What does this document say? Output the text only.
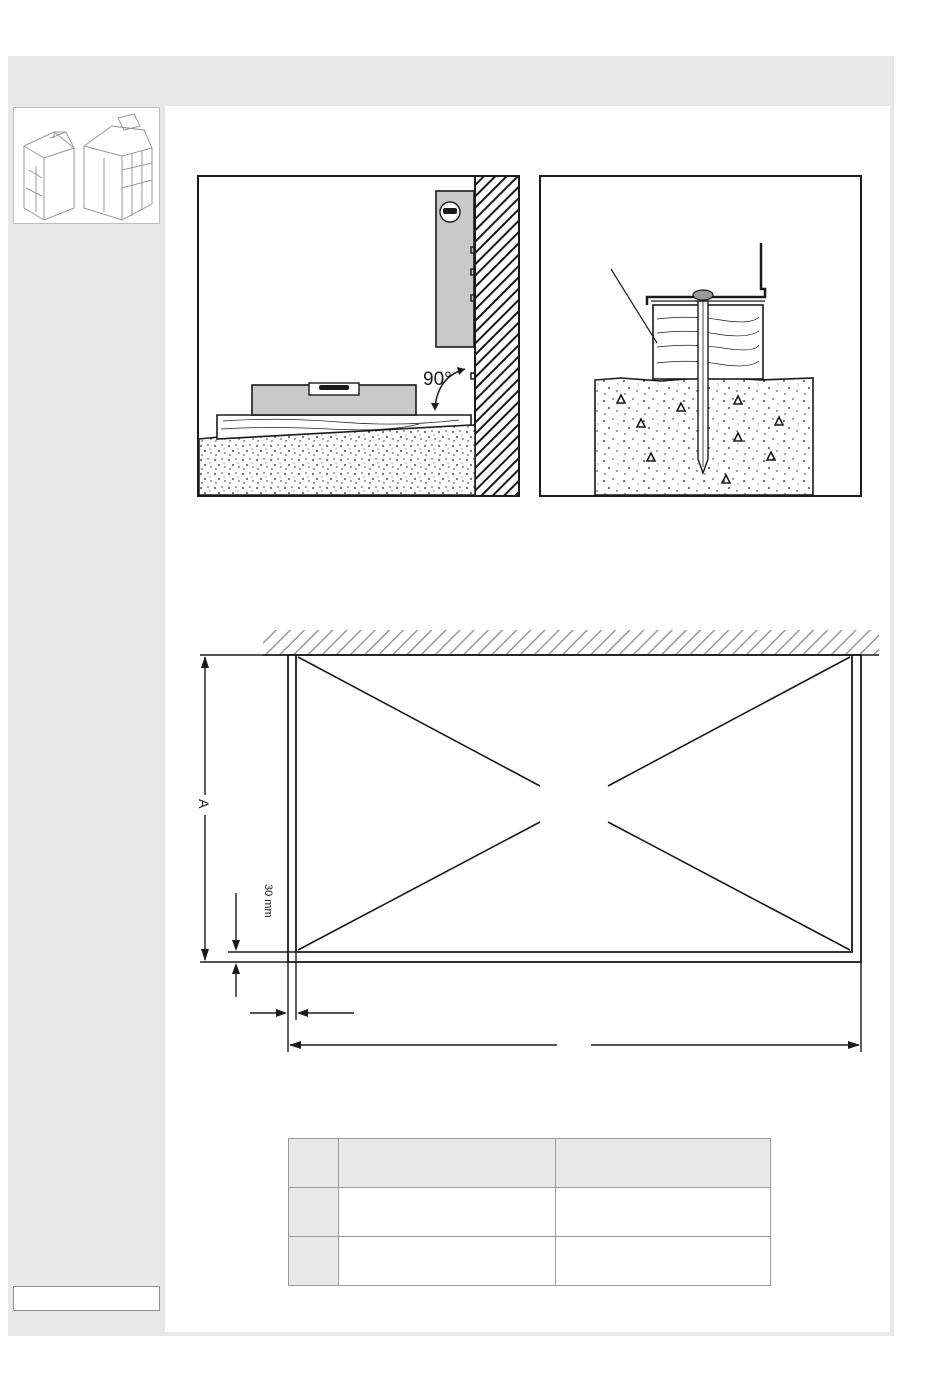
90°
A
30 mm
